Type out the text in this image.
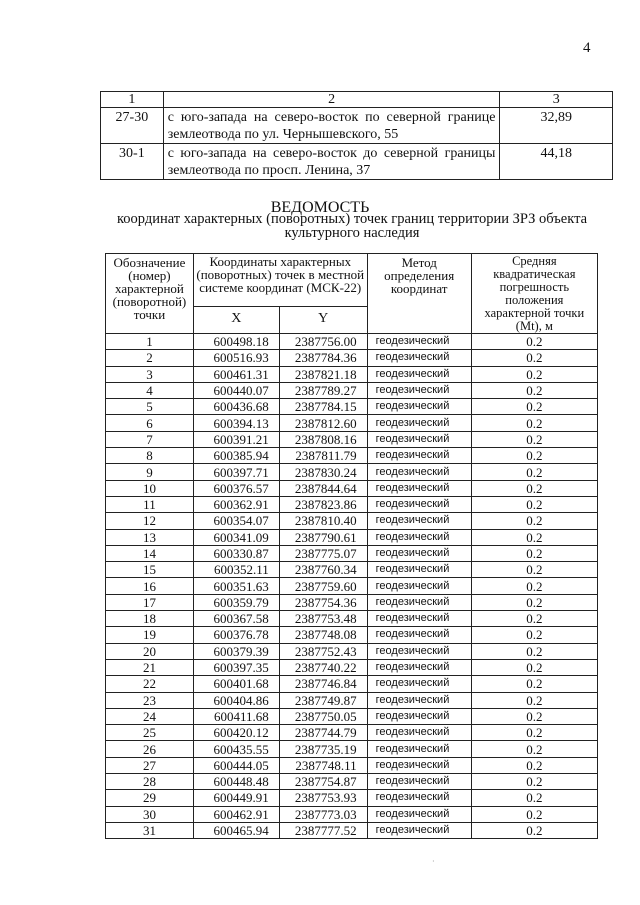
4
1	2	3
27-30	с юго-запада на северо-восток по северной границе землеотвода по ул. Чернышевского, 55	32,89
30-1	с юго-запада на северо-восток до северной границы землеотвода по просп. Ленина, 37	44,18
ВЕДОМОСТЬ
координат характерных (поворотных) точек границ территории ЗРЗ объекта культурного наследия
Обозначение (номер) характерной (поворотной) точки	Координаты характерных (поворотных) точек в местной системе координат (МСК-22)		Метод определения координат	Средняя квадратическая погрешность положения характерной точки (Mt), м
	X	Y		
1	600498.18	2387756.00	геодезический	0.2
2	600516.93	2387784.36	геодезический	0.2
3	600461.31	2387821.18	геодезический	0.2
4	600440.07	2387789.27	геодезический	0.2
5	600436.68	2387784.15	геодезический	0.2
6	600394.13	2387812.60	геодезический	0.2
7	600391.21	2387808.16	геодезический	0.2
8	600385.94	2387811.79	геодезический	0.2
9	600397.71	2387830.24	геодезический	0.2
10	600376.57	2387844.64	геодезический	0.2
11	600362.91	2387823.86	геодезический	0.2
12	600354.07	2387810.40	геодезический	0.2
13	600341.09	2387790.61	геодезический	0.2
14	600330.87	2387775.07	геодезический	0.2
15	600352.11	2387760.34	геодезический	0.2
16	600351.63	2387759.60	геодезический	0.2
17	600359.79	2387754.36	геодезический	0.2
18	600367.58	2387753.48	геодезический	0.2
19	600376.78	2387748.08	геодезический	0.2
20	600379.39	2387752.43	геодезический	0.2
21	600397.35	2387740.22	геодезический	0.2
22	600401.68	2387746.84	геодезический	0.2
23	600404.86	2387749.87	геодезический	0.2
24	600411.68	2387750.05	геодезический	0.2
25	600420.12	2387744.79	геодезический	0.2
26	600435.55	2387735.19	геодезический	0.2
27	600444.05	2387748.11	геодезический	0.2
28	600448.48	2387754.87	геодезический	0.2
29	600449.91	2387753.93	геодезический	0.2
30	600462.91	2387773.03	геодезический	0.2
31	600465.94	2387777.52	геодезический	0.2
·
